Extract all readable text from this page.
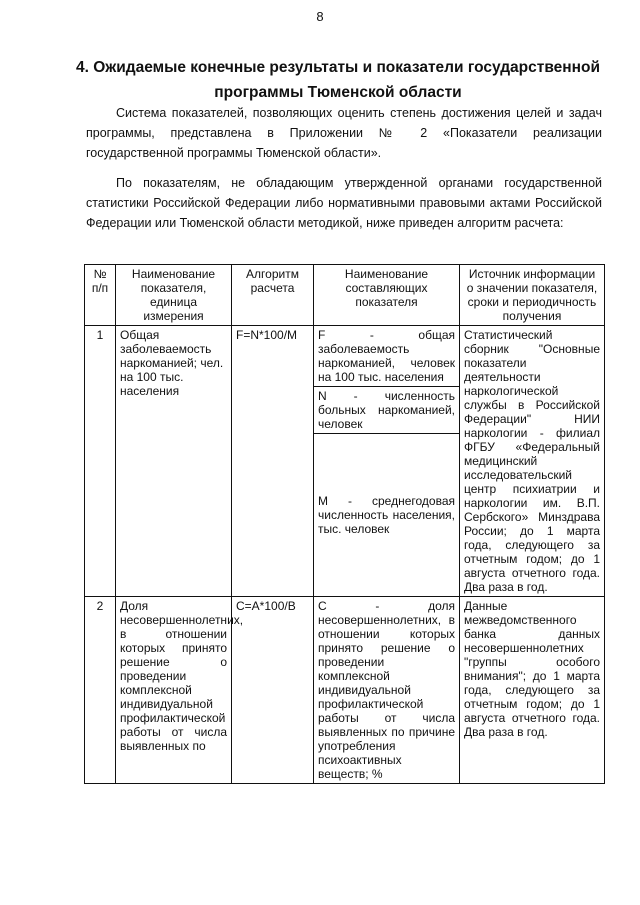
8
4. Ожидаемые конечные результаты и показатели государственной программы Тюменской области

Система показателей, позволяющих оценить степень достижения целей и задач программы, представлена в Приложении № 2 «Показатели реализации государственной программы Тюменской области».

По показателям, не обладающим утвержденной органами государственной статистики Российской Федерации либо нормативными правовыми актами Российской Федерации или Тюменской области методикой, ниже приведен алгоритм расчета:

№ п/п	Наименование показателя, единица измерения	Алгоритм расчета	Наименование составляющих показателя	Источник информации о значении показателя, сроки и периодичность получения
1	Общая заболеваемость наркоманией; чел. на 100 тыс. населения	F=N*100/M	F - общая заболеваемость наркоманией, человек на 100 тыс. населения	Статистический сборник "Основные показатели деятельности наркологической службы в Российской Федерации" НИИ наркологии - филиал ФГБУ «Федеральный медицинский исследовательский центр психиатрии и наркологии им. В.П. Сербского» Минздрава России; до 1 марта года, следующего за отчетным годом; до 1 августа отчетного года. Два раза в год.
			N - численность больных наркоманией, человек	
			M - среднегодовая численность населения, тыс. человек	
2	Доля несовершеннолетних, в отношении которых принято решение о проведении комплексной индивидуальной профилактической работы от числа выявленных по	C=A*100/B	C - доля несовершеннолетних, в отношении которых принято решение о проведении комплексной индивидуальной профилактической работы от числа выявленных по причине употребления психоактивных веществ; %	Данные межведомственного банка данных несовершеннолетних "группы особого внимания"; до 1 марта года, следующего за отчетным годом; до 1 августа отчетного года. Два раза в год.
